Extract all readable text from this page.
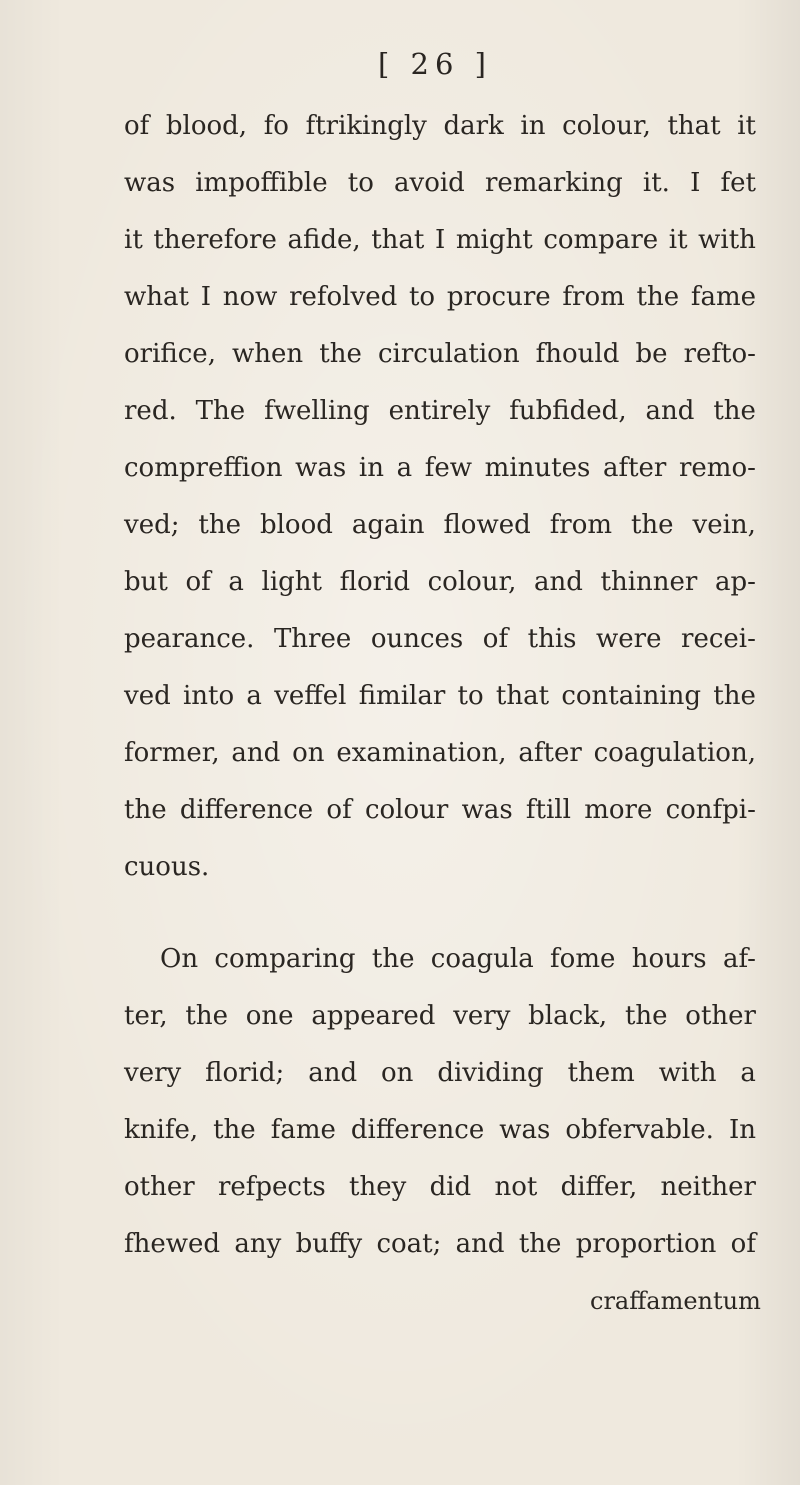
[ 26 ]
of blood, fo ftrikingly dark in colour, that it
was impoffible to avoid remarking it. I fet
it therefore afide, that I might compare it with
what I now refolved to procure from the fame
orifice, when the circulation fhould be refto-
red. The fwelling entirely fubfided, and the
compreffion was in a few minutes after remo-
ved; the blood again flowed from the vein,
but of a light florid colour, and thinner ap-
pearance. Three ounces of this were recei-
ved into a veffel fimilar to that containing the
former, and on examination, after coagulation,
the difference of colour was ftill more confpi-
cuous.
On comparing the coagula fome hours af-
ter, the one appeared very black, the other
very florid; and on dividing them with a
knife, the fame difference was obfervable. In
other refpects they did not differ, neither
fhewed any buffy coat; and the proportion of
craffamentum
